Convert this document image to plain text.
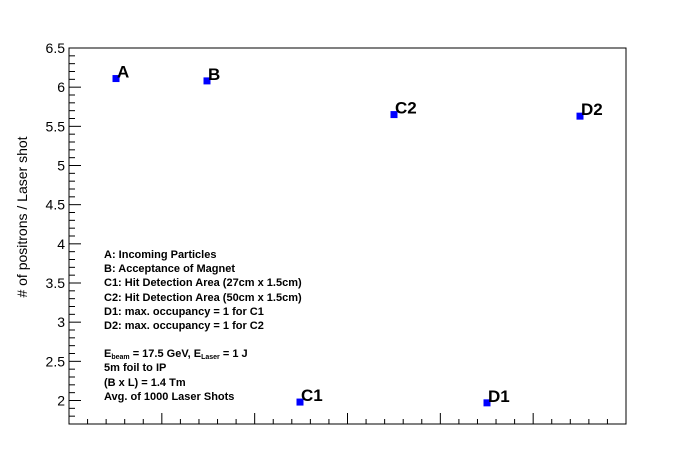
2
2.5
3
3.5
4
4.5
5
5.5
6
6.5
A	B
C1
C2
D1
D2
# of positrons / Laser shot	A: Incoming Particles
B: Acceptance of Magnet
C1: Hit Detection Area (27cm x 1.5cm)
C2: Hit Detection Area (50cm x 1.5cm)
D1: max. occupancy = 1 for C1
D2: max. occupancy = 1 for C2
$E_{beam} = 17.5$ GeV, $E_{Laser} = 1$ J
5m foil to IP
(B x L) = 1.4 Tm
Avg. of 1000 Laser Shots
